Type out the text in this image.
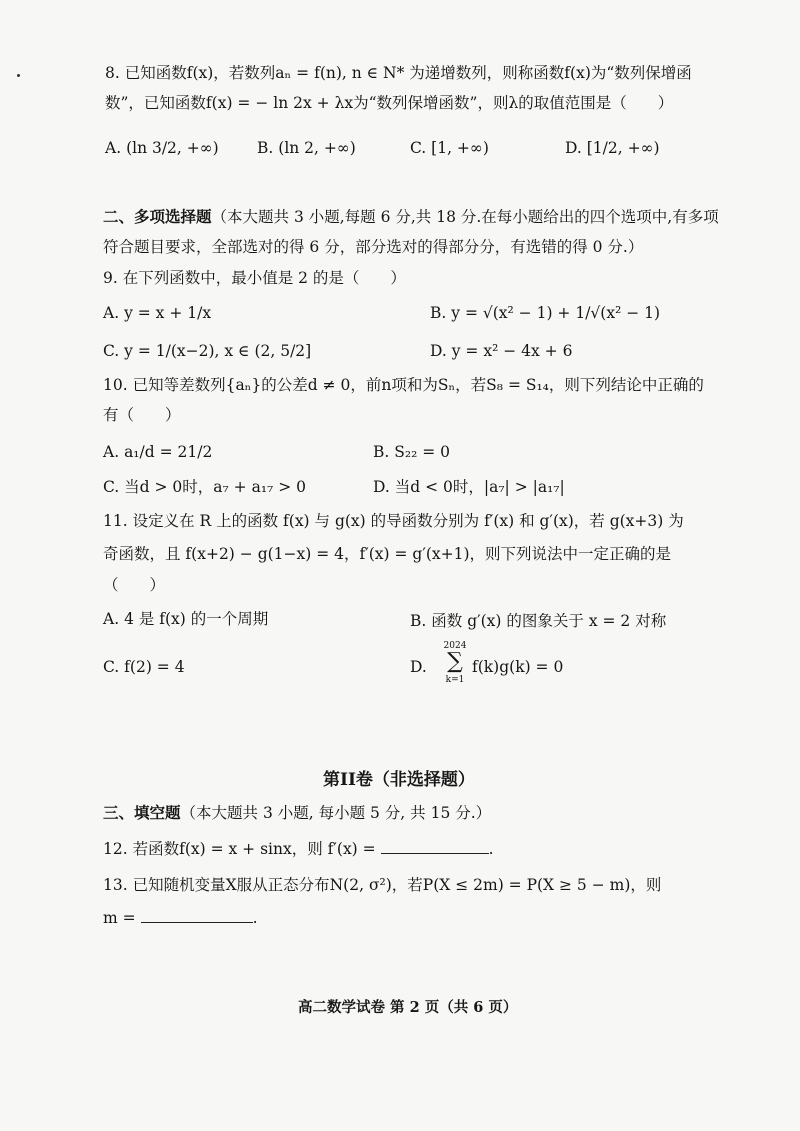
8. 已知函数f(x)，若数列aₙ = f(n), n ∈ N* 为递增数列，则称函数f(x)为“数列保增函
数”，已知函数f(x) = − ln 2x + λx为“数列保增函数”，则λ的取值范围是（　　）
A. (ln 3/2, +∞) B. (ln 2, +∞)	C. [1, +∞)	D. [1/2, +∞)
二、多项选择题（本大题共 3 小题,每题 6 分,共 18 分.在每小题给出的四个选项中,有多项
符合题目要求，全部选对的得 6 分，部分选对的得部分分，有选错的得 0 分.）
9. 在下列函数中，最小值是 2 的是（　　）
A. y = x + 1/x	B. y = √(x² − 1) + 1/√(x² − 1)
C. y = 1/(x−2), x ∈ (2, 5/2]	D. y = x² − 4x + 6
10. 已知等差数列{aₙ}的公差d ≠ 0，前n项和为Sₙ，若S₈ = S₁₄，则下列结论中正确的
有（　　）
A. a₁/d = 21/2	B. S₂₂ = 0
C. 当d > 0时，a₇ + a₁₇ > 0	D. 当d < 0时，|a₇| > |a₁₇|
11. 设定义在 R 上的函数 f(x) 与 g(x) 的导函数分别为 f′(x) 和 g′(x)，若 g(x+3) 为
奇函数，且 f(x+2) − g(1−x) = 4，f′(x) = g′(x+1)，则下列说法中一定正确的是
（　　）
A. 4 是 f(x) 的一个周期	B. 函数 g′(x) 的图象关于 x = 2 对称
C. f(2) = 4	D.
2024
∑
k=1
f(k)g(k) = 0
第II卷（非选择题）
三、填空题（本大题共 3 小题, 每小题 5 分, 共 15 分.）
12. 若函数f(x) = x + sinx，则 f′(x) =	.
13. 已知随机变量X服从正态分布N(2, σ²)，若P(X ≤ 2m) = P(X ≥ 5 − m)，则
m =	.
高二数学试卷 第 2 页（共 6 页）
